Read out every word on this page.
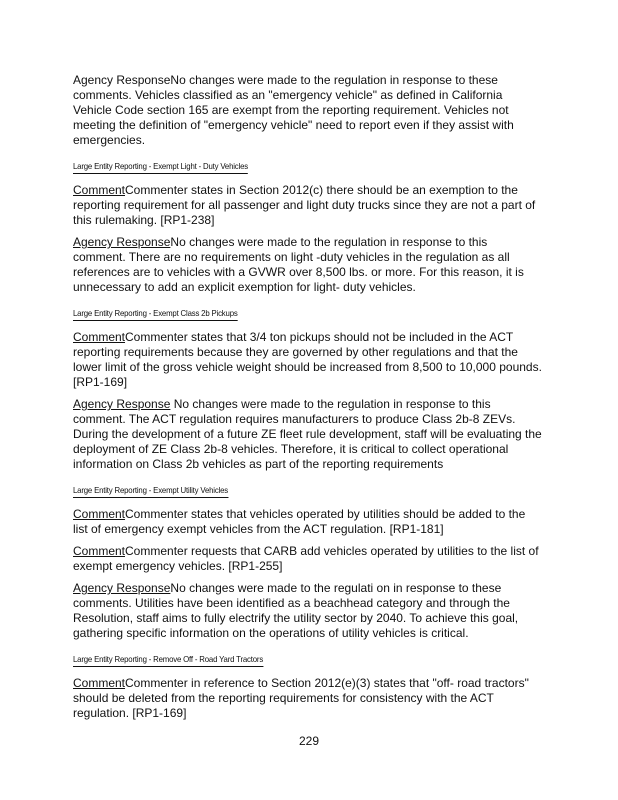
Agency ResponseNo changes were made to the regulation in response to these comments. Vehicles classified as an "emergency vehicle" as defined in California Vehicle Code section 165 are exempt from the reporting requirement. Vehicles not meeting the definition of "emergency vehicle" need to report even if they assist with emergencies.

Large Entity Reporting - Exempt Light - Duty Vehicles

CommentCommenter states in Section 2012(c) there should be an exemption to the reporting requirement for all passenger and light duty trucks since they are not a part of this rulemaking. [RP1-238]

Agency ResponseNo changes were made to the regulation in response to this comment. There are no requirements on light -duty vehicles in the regulation as all references are to vehicles with a GVWR over 8,500 lbs. or more. For this reason, it is unnecessary to add an explicit exemption for light- duty vehicles.

Large Entity Reporting - Exempt Class 2b Pickups

CommentCommenter states that 3/4 ton pickups should not be included in the ACT reporting requirements because they are governed by other regulations and that the lower limit of the gross vehicle weight should be increased from 8,500 to 10,000 pounds. [RP1-169]

Agency Response No changes were made to the regulation in response to this comment. The ACT regulation requires manufacturers to produce Class 2b-8 ZEVs. During the development of a future ZE fleet rule development, staff will be evaluating the deployment of ZE Class 2b-8 vehicles. Therefore, it is critical to collect operational information on Class 2b vehicles as part of the reporting requirements

Large Entity Reporting - Exempt Utility Vehicles

CommentCommenter states that vehicles operated by utilities should be added to the list of emergency exempt vehicles from the ACT regulation. [RP1-181]

CommentCommenter requests that CARB add vehicles operated by utilities to the list of exempt emergency vehicles. [RP1-255]

Agency ResponseNo changes were made to the regulati on in response to these comments. Utilities have been identified as a beachhead category and through the Resolution, staff aims to fully electrify the utility sector by 2040. To achieve this goal, gathering specific information on the operations of utility vehicles is critical.

Large Entity Reporting - Remove Off - Road Yard Tractors

CommentCommenter in reference to Section 2012(e)(3) states that "off- road tractors" should be deleted from the reporting requirements for consistency with the ACT regulation. [RP1-169]

229
